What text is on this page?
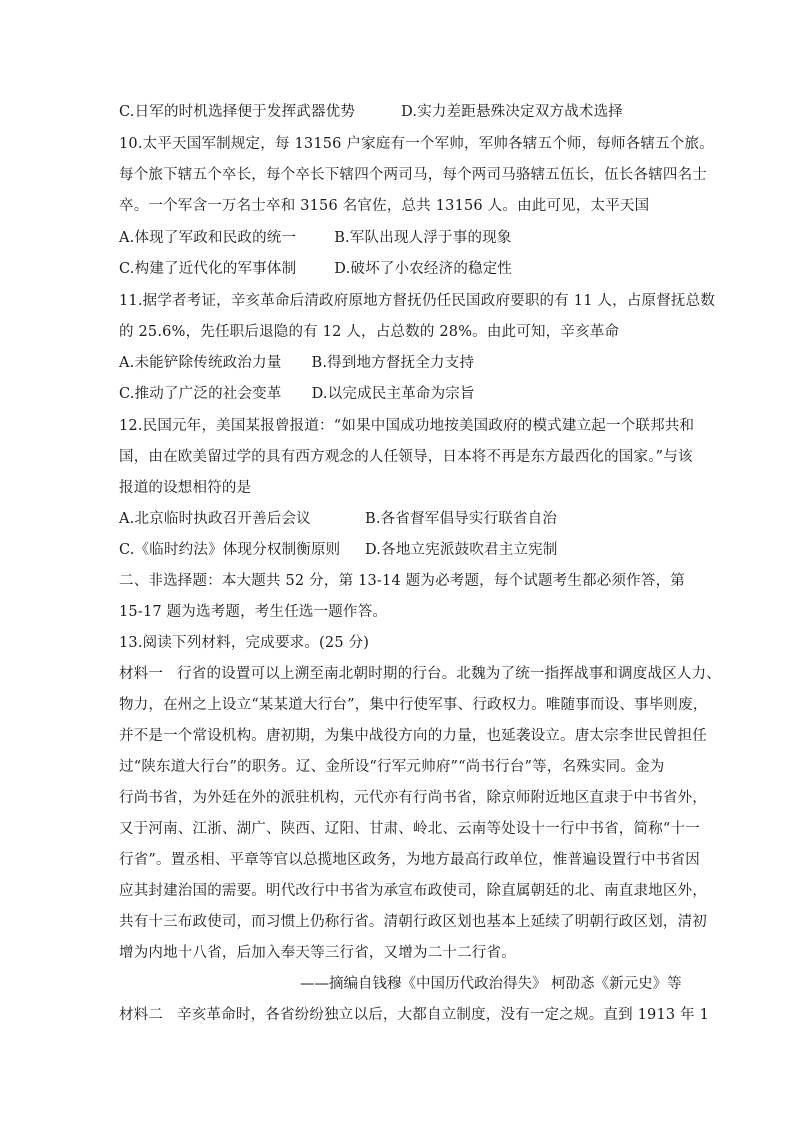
C.日军的时机选择便于发挥武器优势	D.实力差距悬殊决定双方战术选择
10.太平天国军制规定，每 13156 户家庭有一个军帅，军帅各辖五个师，每师各辖五个旅。
每个旅下辖五个卒长，每个卒长下辖四个两司马，每个两司马骆辖五伍长，伍长各辖四名士
卒。一个军含一万名士卒和 3156 名官佐，总共 13156 人。由此可见，太平天国
A.体现了军政和民政的统一	B.军队出现人浮于事的现象
C.构建了近代化的军事体制	D.破坏了小农经济的稳定性
11.据学者考证，辛亥革命后清政府原地方督抚仍任民国政府要职的有 11 人，占原督抚总数
的 25.6%，先任职后退隐的有 12 人，占总数的 28%。由此可知，辛亥革命
A.未能铲除传统政治力量 B.得到地方督抚全力支持
C.推动了广泛的社会变革 D.以完成民主革命为宗旨
12.民国元年，美国某报曾报道：“如果中国成功地按美国政府的模式建立起一个联邦共和
国，由在欧美留过学的具有西方观念的人任领导，日本将不再是东方最西化的国家。”与该
报道的设想相符的是
A.北京临时执政召开善后会议	B.各省督军倡导实行联省自治
C.《临时约法》体现分权制衡原则 D.各地立宪派鼓吹君主立宪制
二、非选择题：本大题共 52 分，第 13-14 题为必考题，每个试题考生都必须作答，第
15-17 题为选考题，考生任选一题作答。
13.阅读下列材料，完成要求。(25 分)
材料一 行省的设置可以上溯至南北朝时期的行台。北魏为了统一指挥战事和调度战区人力、
物力，在州之上设立“某某道大行台”，集中行使军事、行政权力。唯随事而设、事毕则废，
并不是一个常设机构。唐初期，为集中战役方向的力量，也延袭设立。唐太宗李世民曾担任
过“陕东道大行台”的职务。辽、金所设“行军元帅府”“尚书行台”等，名殊实同。金为
行尚书省，为外廷在外的派驻机构，元代亦有行尚书省，除京师附近地区直隶于中书省外，
又于河南、江浙、湖广、陕西、辽阳、甘肃、岭北、云南等处设十一行中书省，简称“十一
行省”。置丞相、平章等官以总揽地区政务，为地方最高行政单位，惟普遍设置行中书省因
应其封建治国的需要。明代改行中书省为承宣布政使司，除直属朝廷的北、南直隶地区外，
共有十三布政使司，而习惯上仍称行省。清朝行政区划也基本上延续了明朝行政区划，清初
增为内地十八省，后加入奉天等三行省，又增为二十二行省。
——摘编自钱穆《中国历代政治得失》 柯劭忞《新元史》等
材料二 辛亥革命时，各省纷纷独立以后，大都自立制度，没有一定之规。直到 1913 年 1
